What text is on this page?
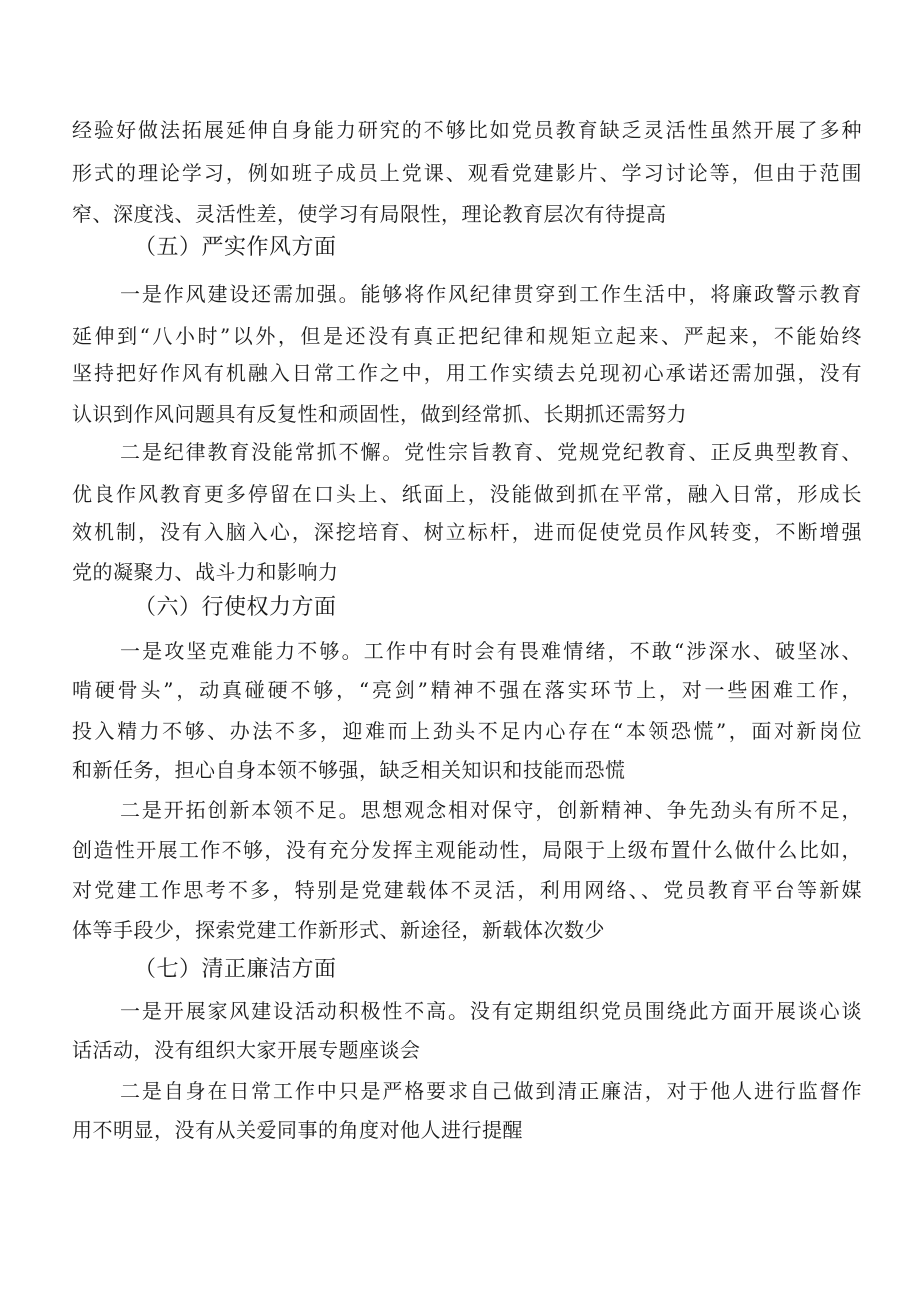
经验好做法拓展延伸自身能力研究的不够比如党员教育缺乏灵活性虽然开展了多种
形式的理论学习，例如班子成员上党课、观看党建影片、学习讨论等，但由于范围
窄、深度浅、灵活性差，使学习有局限性，理论教育层次有待提高
（五）严实作风方面
一是作风建设还需加强。能够将作风纪律贯穿到工作生活中，将廉政警示教育
延伸到“八小时”以外，但是还没有真正把纪律和规矩立起来、严起来，不能始终
坚持把好作风有机融入日常工作之中，用工作实绩去兑现初心承诺还需加强，没有
认识到作风问题具有反复性和顽固性，做到经常抓、长期抓还需努力
二是纪律教育没能常抓不懈。党性宗旨教育、党规党纪教育、正反典型教育、
优良作风教育更多停留在口头上、纸面上，没能做到抓在平常，融入日常，形成长
效机制，没有入脑入心，深挖培育、树立标杆，进而促使党员作风转变，不断增强
党的凝聚力、战斗力和影响力
（六）行使权力方面
一是攻坚克难能力不够。工作中有时会有畏难情绪，不敢“涉深水、破坚冰、
啃硬骨头”，动真碰硬不够，“亮剑”精神不强在落实环节上，对一些困难工作，
投入精力不够、办法不多，迎难而上劲头不足内心存在“本领恐慌”，面对新岗位
和新任务，担心自身本领不够强，缺乏相关知识和技能而恐慌
二是开拓创新本领不足。思想观念相对保守，创新精神、争先劲头有所不足，
创造性开展工作不够，没有充分发挥主观能动性，局限于上级布置什么做什么比如，
对党建工作思考不多，特别是党建载体不灵活，利用网络、、党员教育平台等新媒
体等手段少，探索党建工作新形式、新途径，新载体次数少
（七）清正廉洁方面
一是开展家风建设活动积极性不高。没有定期组织党员围绕此方面开展谈心谈
话活动，没有组织大家开展专题座谈会
二是自身在日常工作中只是严格要求自己做到清正廉洁，对于他人进行监督作
用不明显，没有从关爱同事的角度对他人进行提醒
